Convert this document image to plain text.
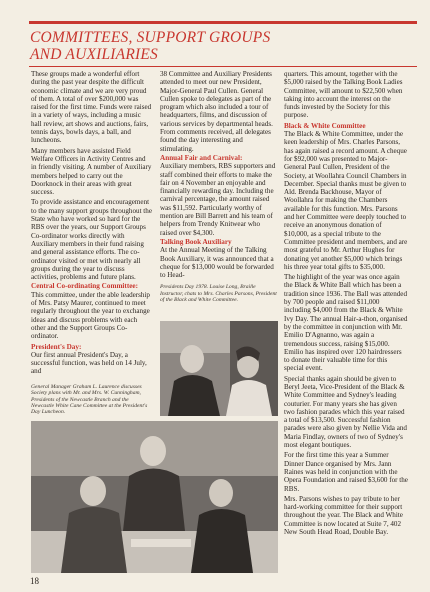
COMMITTEES, SUPPORT GROUPS

AND AUXILIARIES

These groups made a wonderful effort during the past year despite the difficult economic climate and we are very proud of them. A total of over $200,000 was raised for the first time. Funds were raised in a variety of ways, including a music hall review, art shows and auctions, fairs, tennis days, bowls days, a ball, and luncheons.

Many members have assisted Field Welfare Officers in Activity Centres and in friendly visiting. A number of Auxiliary members helped to carry out the Doorknock in their areas with great success.

To provide assistance and encouragement to the many support groups throughout the State who have worked so hard for the RBS over the years, our Support Groups Co-ordinator works directly with Auxiliary members in their fund raising and general assistance efforts. The co-ordinator visited or met with nearly all groups during the year to discuss activities, problems and future plans.

Central Co-ordinating Committee:

This committee, under the able leadership of Mrs. Patsy Maurer, continued to meet regularly throughout the year to exchange ideas and discuss problems with each other and the Support Groups Co-ordinator.

President's Day:

Our first annual President's Day, a successful function, was held on 14 July, and

General Manager Graham L. Laurence discusses Society plans with Mr. and Mrs. W. Cunningham, Presidents of the Newcastle Branch and the Newcastle White Cane Committee at the President's Day Luncheon.

38 Committee and Auxiliary Presidents attended to meet our new President, Major-General Paul Cullen. General Cullen spoke to delegates as part of the program which also included a tour of headquarters, films, and discussion of various services by departmental heads. From comments received, all delegates found the day interesting and stimulating.

Annual Fair and Carnival:

Auxiliary members, RBS supporters and staff combined their efforts to make the fair on 4 November an enjoyable and financially rewarding day. Including the carnival percentage, the amount raised was $11,592. Particularly worthy of mention are Bill Barrett and his team of helpers from Trendy Knitwear who raised over $4,300.

Talking Book Auxiliary

At the Annual Meeting of the Talking Book Auxiliary, it was announced that a cheque for $13,000 would be forwarded to Head-

Presidents Day 1978. Louise Long, Braille Instructor, chats to Mrs. Charles Parsons, President of the Black and White Committee.

quarters. This amount, together with the $5,000 raised by the Talking Book Ladies Committee, will amount to $22,500 when taking into account the interest on the funds invested by the Society for this purpose.

Black & White Committee

The Black & White Committee, under the keen leadership of Mrs. Charles Parsons, has again raised a record amount. A cheque for $92,000 was presented to Major-General Paul Cullen, President of the Society, at Woollahra Council Chambers in December. Special thanks must be given to Ald. Brenda Backhouse, Mayor of Woollahra for making the Chambers available for this function. Mrs. Parsons and her Committee were deeply touched to receive an anonymous donation of $10,000, as a special tribute to the Committee president and members, and are most grateful to Mr. Arthur Hughes for donating yet another $5,000 which brings his three year total gifts to $35,000.

The highlight of the year was once again the Black & White Ball which has been a tradition since 1936. The Ball was attended by 700 people and raised $11,000 including $4,000 from the Black & White Ivy Day. The annual Hair-a-thon, organised by the committee in conjunction with Mr. Emilio D'Agnanno, was again a tremendous success, raising $15,000. Emilio has inspired over 120 hairdressers to donate their valuable time for this special event.

Special thanks again should be given to Beryl Jeeta, Vice-President of the Black & White Committee and Sydney's leading couturier. For many years she has given two fashion parades which this year raised a total of $13,500. Successful fashion parades were also given by Nellie Vida and Maria Findlay, owners of two of Sydney's most elegant boutiques.

For the first time this year a Summer Dinner Dance organised by Mrs. Jann Raines was held in conjunction with the Opera Foundation and raised $3,600 for the RBS.

Mrs. Parsons wishes to pay tribute to her hard-working committee for their support throughout the year. The Black and White Committee is now located at Suite 7, 402 New South Head Road, Double Bay.

18
